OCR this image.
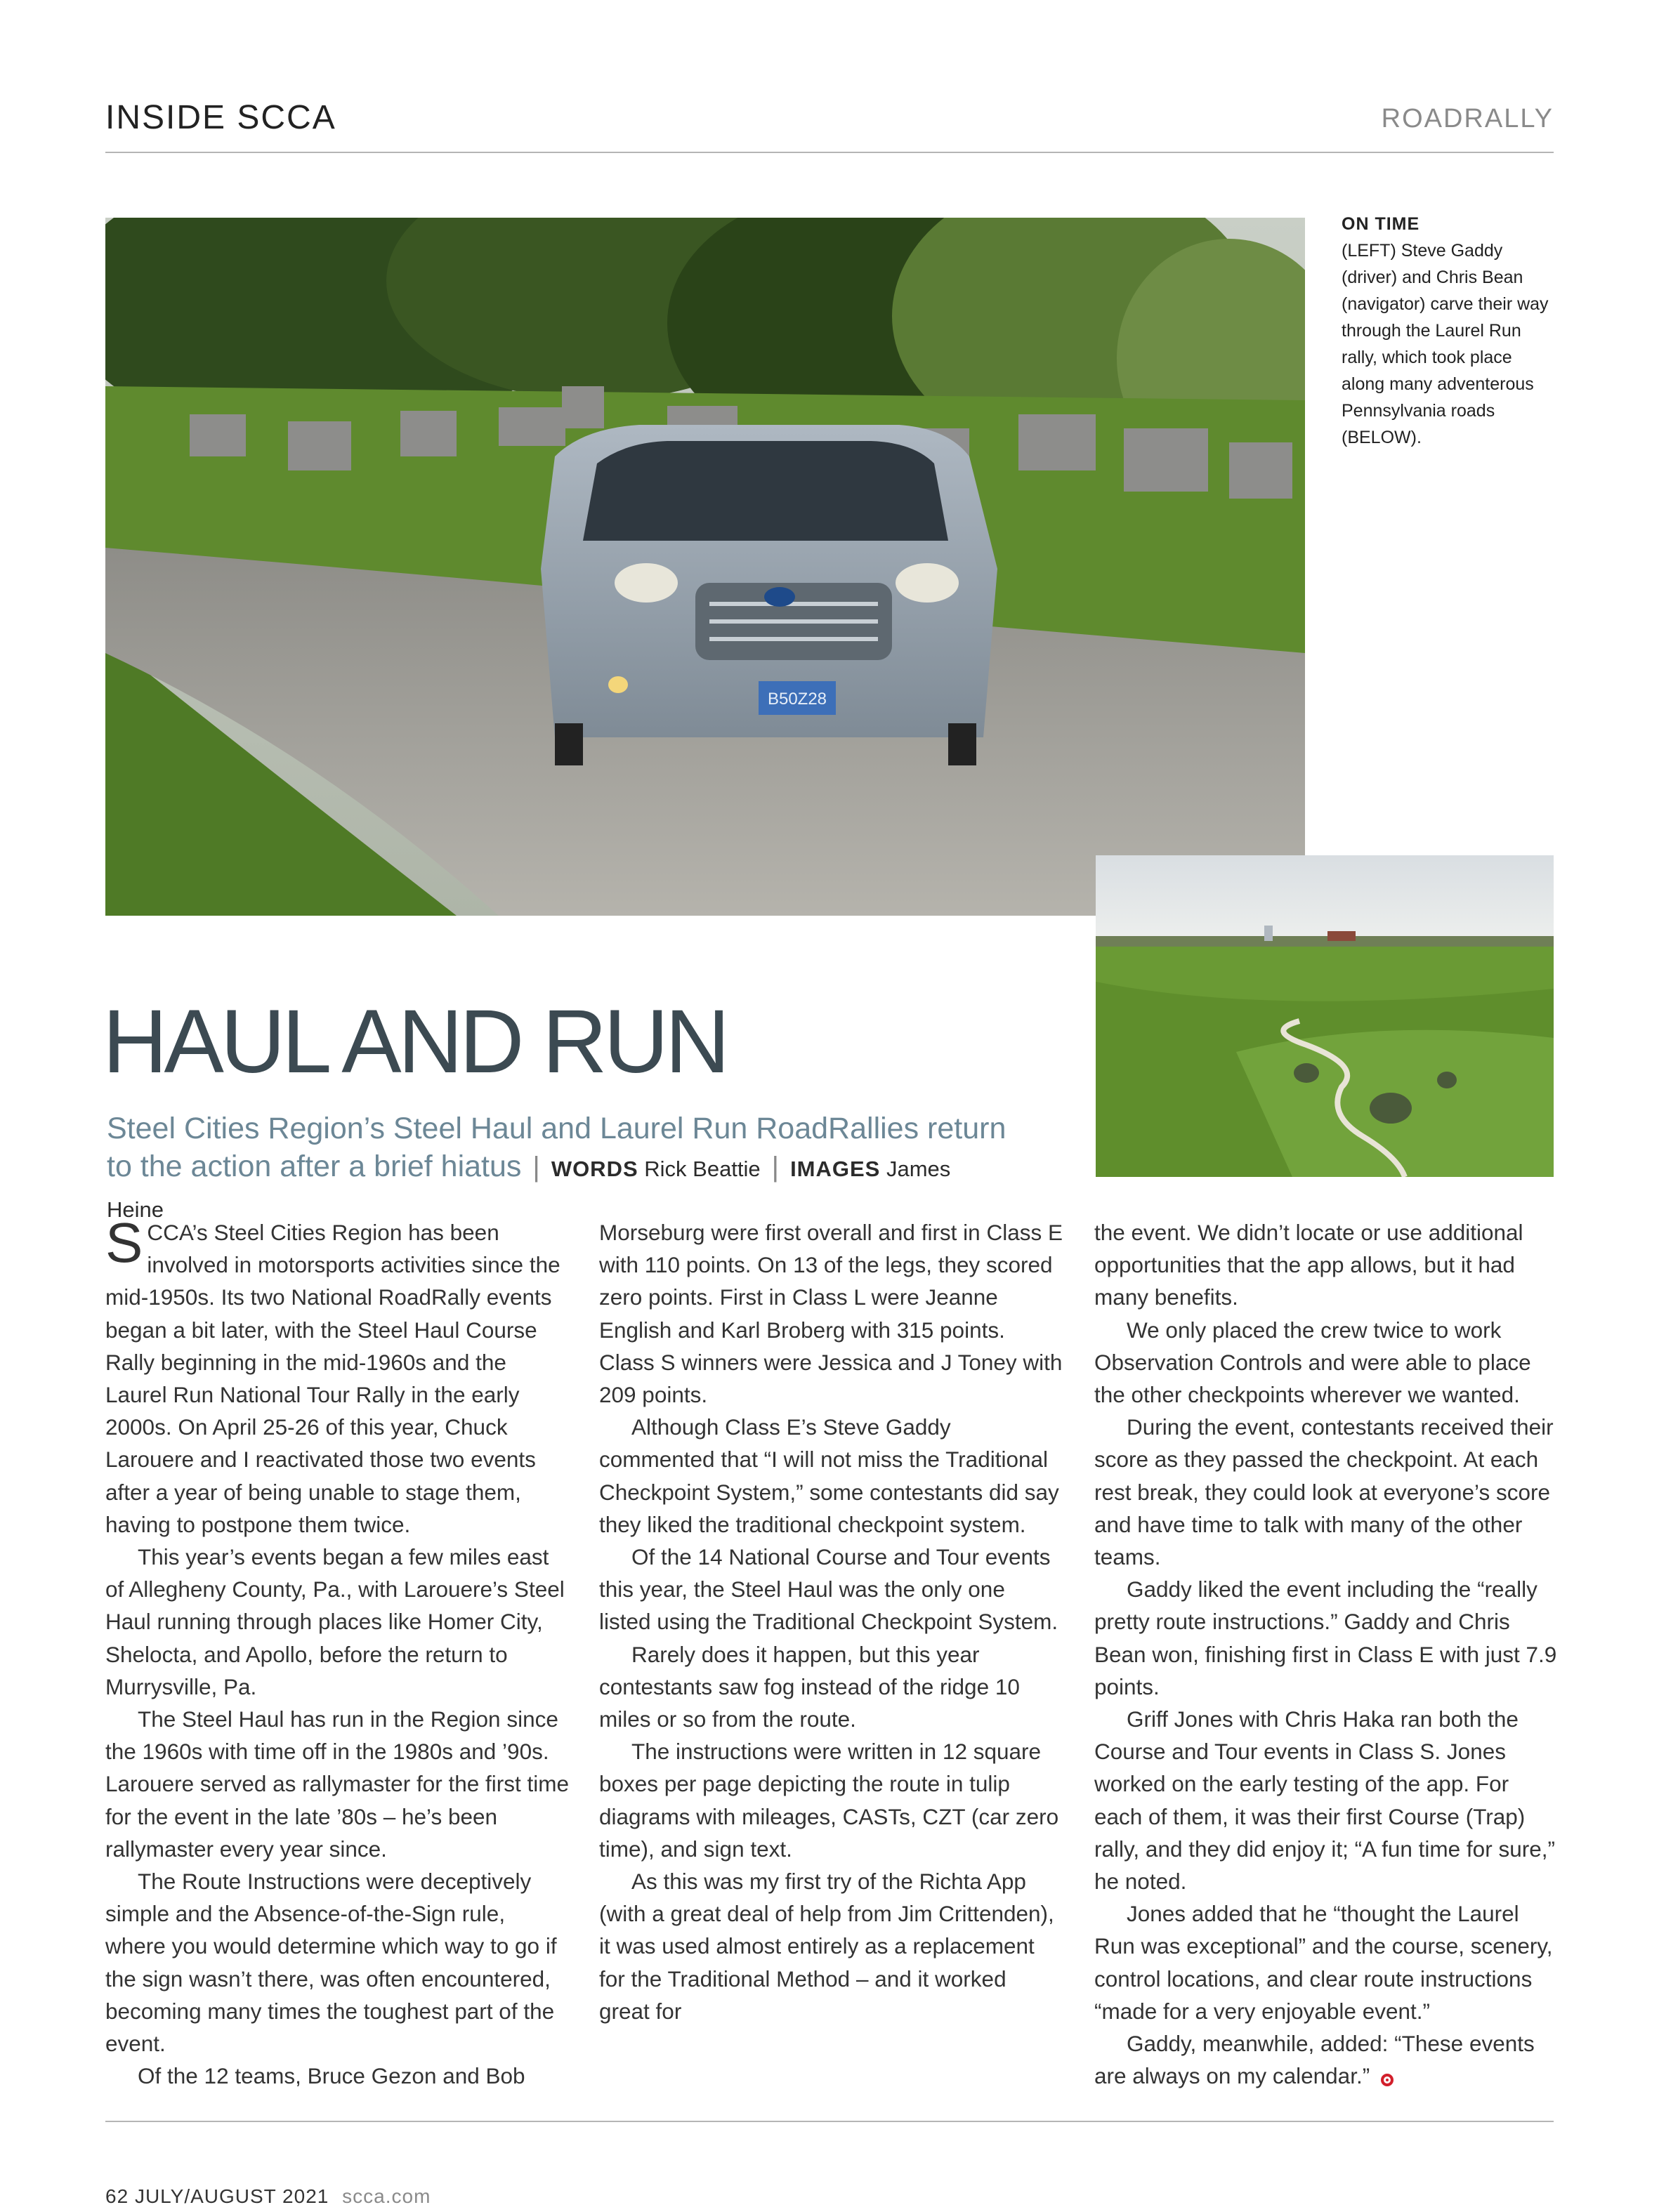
INSIDE SCCA	ROADRALLY
B50Z28
ON TIME
(LEFT) Steve Gaddy (driver) and Chris Bean (navigator) carve their way through the Laurel Run rally, which took place along many adventerous Pennsylvania roads (BELOW).
HAUL AND RUN
Steel Cities Region’s Steel Haul and Laurel Run RoadRallies return to the action after a brief hiatus | WORDS Rick Beattie | IMAGES James Heine

SCCA’s Steel Cities Region has been involved in motorsports activities since the mid-1950s. Its two National RoadRally events began a bit later, with the Steel Haul Course Rally beginning in the mid-1960s and the Laurel Run National Tour Rally in the early 2000s. On April 25-26 of this year, Chuck Larouere and I reactivated those two events after a year of being unable to stage them, having to postpone them twice.

This year’s events began a few miles east of Allegheny County, Pa., with Larouere’s Steel Haul running through places like Homer City, Shelocta, and Apollo, before the return to Murrysville, Pa.

The Steel Haul has run in the Region since the 1960s with time off in the 1980s and ’90s. Larouere served as rallymaster for the first time for the event in the late ’80s – he’s been rallymaster every year since.

The Route Instructions were deceptively simple and the Absence-of-the-Sign rule, where you would determine which way to go if the sign wasn’t there, was often encountered, becoming many times the toughest part of the event.

Of the 12 teams, Bruce Gezon and Bob

Morseburg were first overall and first in Class E with 110 points. On 13 of the legs, they scored zero points. First in Class L were Jeanne English and Karl Broberg with 315 points. Class S winners were Jessica and J Toney with 209 points.

Although Class E’s Steve Gaddy commented that “I will not miss the Traditional Checkpoint System,” some contestants did say they liked the traditional checkpoint system.

Of the 14 National Course and Tour events this year, the Steel Haul was the only one listed using the Traditional Checkpoint System.

Rarely does it happen, but this year contestants saw fog instead of the ridge 10 miles or so from the route.

The instructions were written in 12 square boxes per page depicting the route in tulip diagrams with mileages, CASTs, CZT (car zero time), and sign text.

As this was my first try of the Richta App (with a great deal of help from Jim Crittenden), it was used almost entirely as a replacement for the Traditional Method – and it worked great for

the event. We didn’t locate or use additional opportunities that the app allows, but it had many benefits.

We only placed the crew twice to work Observation Controls and were able to place the other checkpoints wherever we wanted.

During the event, contestants received their score as they passed the checkpoint. At each rest break, they could look at everyone’s score and have time to talk with many of the other teams.

Gaddy liked the event including the “really pretty route instructions.” Gaddy and Chris Bean won, finishing first in Class E with just 7.9 points.

Griff Jones with Chris Haka ran both the Course and Tour events in Class S. Jones worked on the early testing of the app. For each of them, it was their first Course (Trap) rally, and they did enjoy it; “A fun time for sure,” he noted.

Jones added that he “thought the Laurel Run was exceptional” and the course, scenery, control locations, and clear route instructions “made for a very enjoyable event.”

Gaddy, meanwhile, added: “These events are always on my calendar.”

62 JULY/AUGUST 2021 scca.com
